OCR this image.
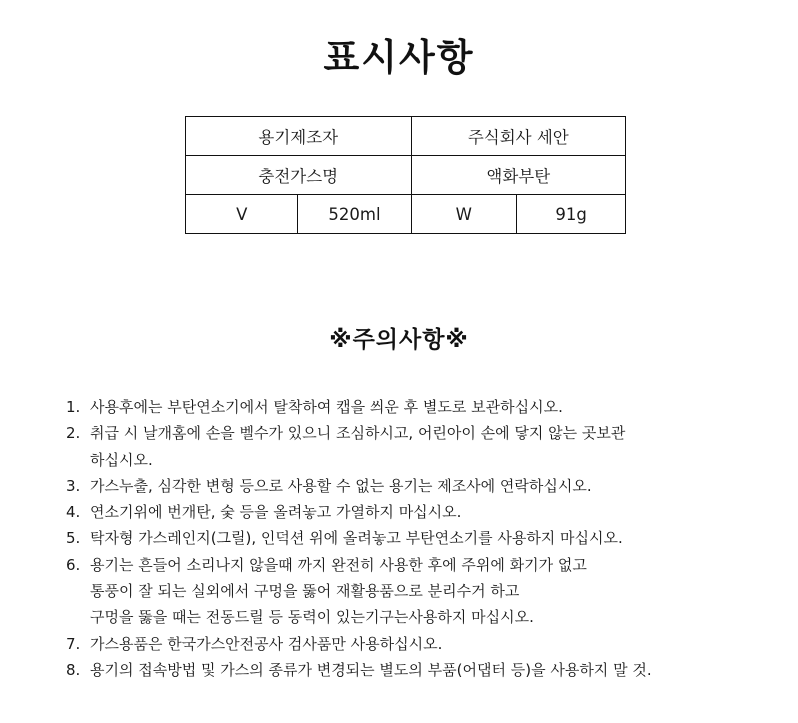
표시사항
용기제조자		주식회사 세안	
충전가스명		액화부탄	
V	520ml	W	91g
※주의사항※
1. 사용후에는 부탄연소기에서 탈착하여 캡을 씌운 후 별도로 보관하십시오.
2. 취급 시 날개홈에 손을 벨수가 있으니 조심하시고, 어린아이 손에 닿지 않는 곳보관
하십시오.
3. 가스누출, 심각한 변형 등으로 사용할 수 없는 용기는 제조사에 연락하십시오.
4. 연소기위에 번개탄, 숯 등을 올려놓고 가열하지 마십시오.
5. 탁자형 가스레인지(그릴), 인덕션 위에 올려놓고 부탄연소기를 사용하지 마십시오.
6. 용기는 흔들어 소리나지 않을때 까지 완전히 사용한 후에 주위에 화기가 없고
통풍이 잘 되는 실외에서 구멍을 뚫어 재활용품으로 분리수거 하고
구멍을 뚫을 때는 전동드릴 등 동력이 있는기구는사용하지 마십시오.
7. 가스용품은 한국가스안전공사 검사품만 사용하십시오.
8. 용기의 접속방법 및 가스의 종류가 변경되는 별도의 부품(어댑터 등)을 사용하지 말 것.
